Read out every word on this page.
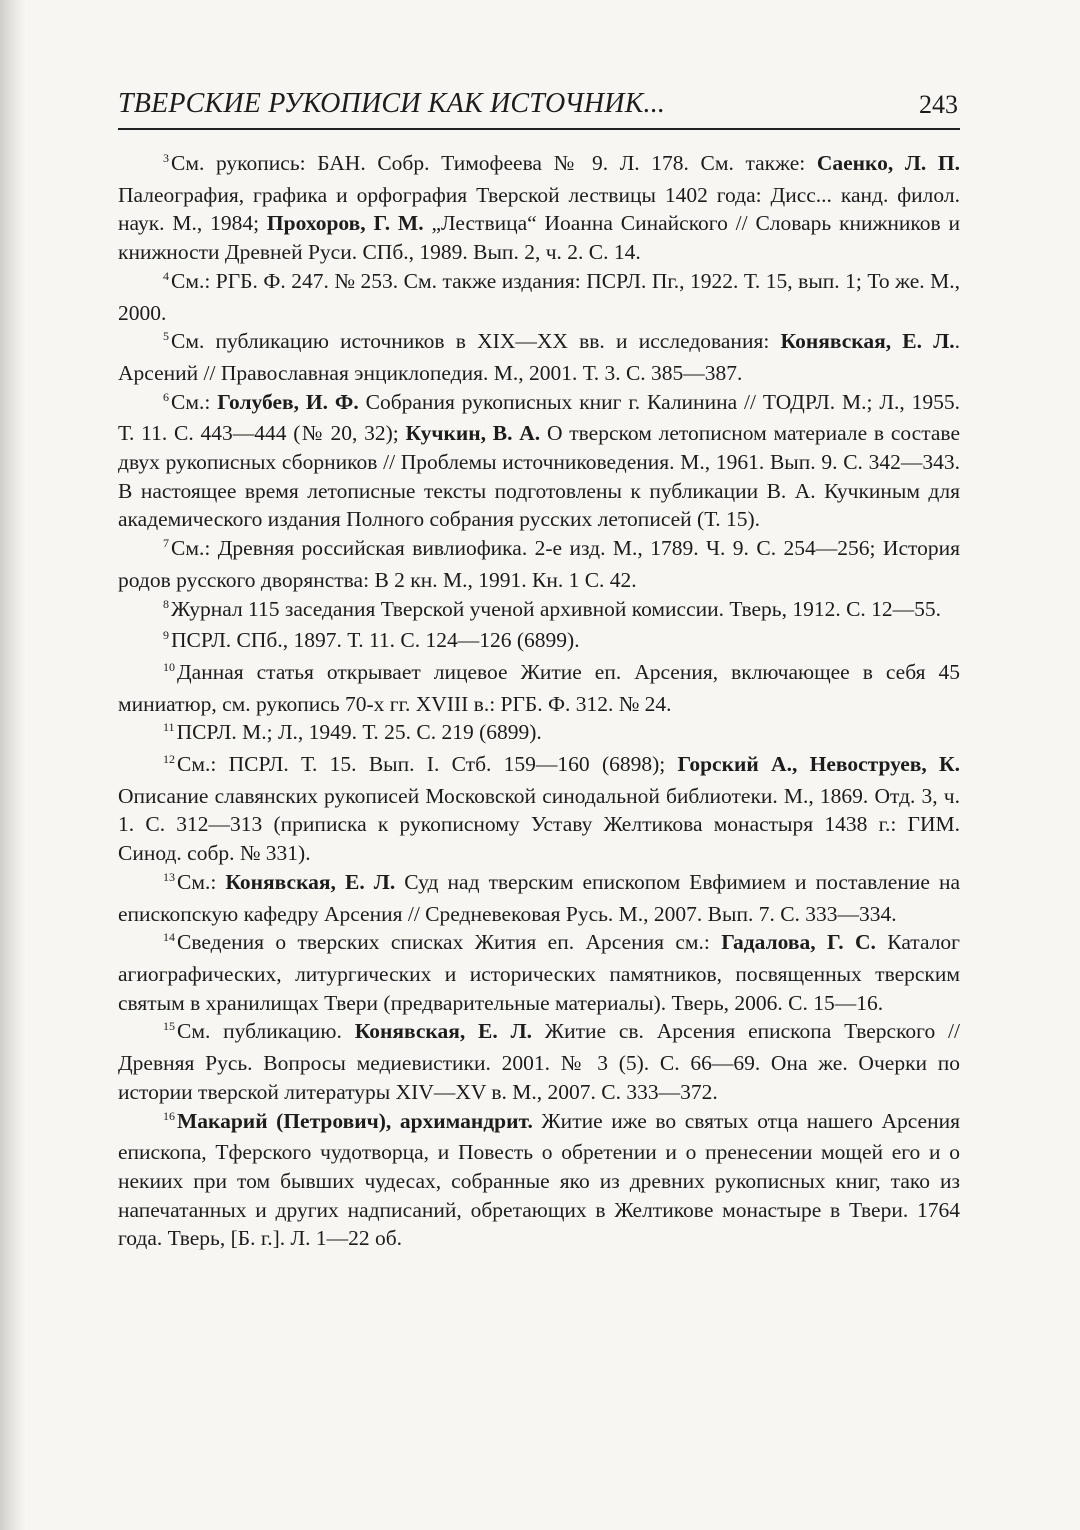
ТВЕРСКИЕ РУКОПИСИ КАК ИСТОЧНИК...	243

$^3$См. рукопись: БАН. Собр. Тимофеева № 9. Л. 178. См. также: Саенко, Л. П. Палеография, графика и орфография Тверской лествицы 1402 года: Дисс... канд. филол. наук. М., 1984; Прохоров, Г. М. „Лествица“ Иоанна Синайского // Словарь книжников и книжности Древней Руси. СПб., 1989. Вып. 2, ч. 2. С. 14.

$^4$См.: РГБ. Ф. 247. № 253. См. также издания: ПСРЛ. Пг., 1922. Т. 15, вып. 1; То же. М., 2000.

$^5$См. публикацию источников в XIX—XX вв. и исследования: Конявская, Е. Л.. Арсений // Православная энциклопедия. М., 2001. Т. 3. С. 385—387.

$^6$См.: Голубев, И. Ф. Собрания рукописных книг г. Калинина // ТОДРЛ. М.; Л., 1955. Т. 11. С. 443—444 (№ 20, 32); Кучкин, В. А. О тверском летописном материале в составе двух рукописных сборников // Проблемы источниковедения. М., 1961. Вып. 9. С. 342—343. В настоящее время летописные тексты подготовлены к публикации В. А. Кучкиным для академического издания Полного собрания русских летописей (Т. 15).

$^7$См.: Древняя российская вивлиофика. 2-е изд. М., 1789. Ч. 9. С. 254—256; История родов русского дворянства: В 2 кн. М., 1991. Кн. 1 С. 42.

$^8$Журнал 115 заседания Тверской ученой архивной комиссии. Тверь, 1912. С. 12—55.

$^9$ПСРЛ. СПб., 1897. Т. 11. С. 124—126 (6899).

$^{10}$Данная статья открывает лицевое Житие еп. Арсения, включающее в себя 45 миниатюр, см. рукопись 70-х гг. XVIII в.: РГБ. Ф. 312. № 24.

$^{11}$ПСРЛ. М.; Л., 1949. Т. 25. С. 219 (6899).

$^{12}$См.: ПСРЛ. Т. 15. Вып. I. Стб. 159—160 (6898); Горский А., Невоструев, К. Описание славянских рукописей Московской синодальной библиотеки. М., 1869. Отд. 3, ч. 1. С. 312—313 (приписка к рукописному Уставу Желтикова монастыря 1438 г.: ГИМ. Синод. собр. № 331).

$^{13}$См.: Конявская, Е. Л. Суд над тверским епископом Евфимием и поставление на епископскую кафедру Арсения // Средневековая Русь. М., 2007. Вып. 7. С. 333—334.

$^{14}$Сведения о тверских списках Жития еп. Арсения см.: Гадалова, Г. С. Каталог агиографических, литургических и исторических памятников, посвященных тверским святым в хранилищах Твери (предварительные материалы). Тверь, 2006. С. 15—16.

$^{15}$См. публикацию. Конявская, Е. Л. Житие св. Арсения епископа Тверского // Древняя Русь. Вопросы медиевистики. 2001. № 3 (5). С. 66—69. Она же. Очерки по истории тверской литературы XIV—XV в. М., 2007. С. 333—372.

$^{16}$Макарий (Петрович), архимандрит. Житие иже во святых отца нашего Арсения епископа, Тферского чудотворца, и Повесть о обретении и о пренесении мощей его и о некиих при том бывших чудесах, собранные яко из древних рукописных книг, тако из напечатанных и других надписаний, обретающих в Желтикове монастыре в Твери. 1764 года. Тверь, [Б. г.]. Л. 1—22 об.
